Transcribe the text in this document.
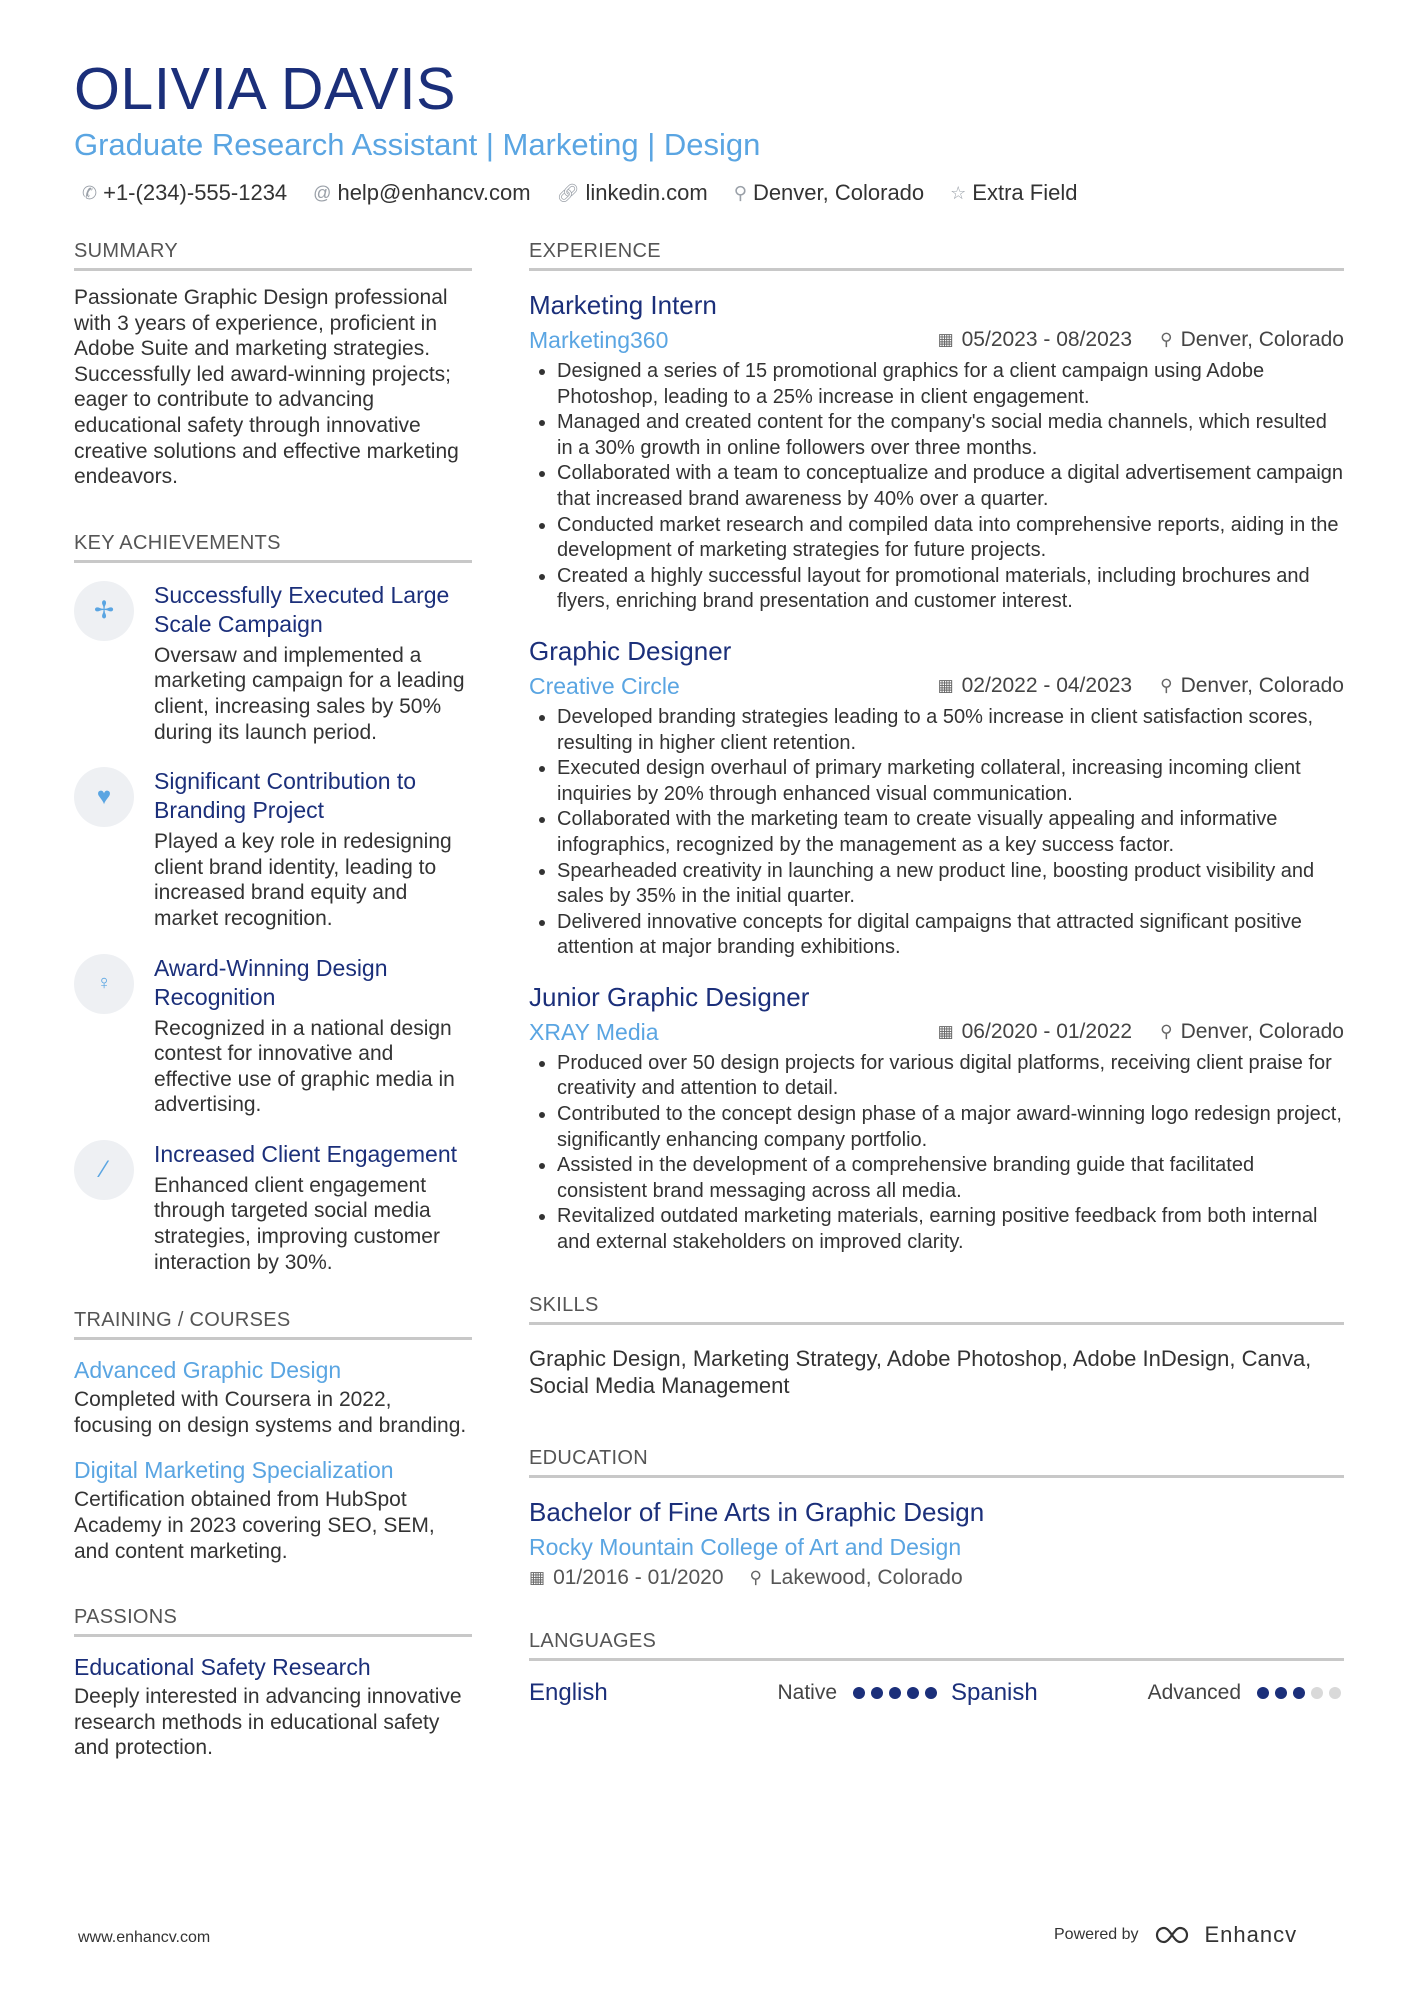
OLIVIA DAVIS
Graduate Research Assistant | Marketing | Design
✆ +1-(234)-555-1234 @ help@enhancv.com 🔗︎ linkedin.com ⚲ Denver, Colorado ☆ Extra Field
SUMMARY
Passionate Graphic Design professional with 3 years of experience, proficient in Adobe Suite and marketing strategies. Successfully led award-winning projects; eager to contribute to advancing educational safety through innovative creative solutions and effective marketing endeavors.
KEY ACHIEVEMENTS
✢
Successfully Executed Large Scale Campaign
Oversaw and implemented a marketing campaign for a leading client, increasing sales by 50% during its launch period.
♥
Significant Contribution to Branding Project
Played a key role in redesigning client brand identity, leading to increased brand equity and market recognition.
♀
Award-Winning Design Recognition
Recognized in a national design contest for innovative and effective use of graphic media in advertising.
⁄
Increased Client Engagement
Enhanced client engagement through targeted social media strategies, improving customer interaction by 30%.
TRAINING / COURSES
Advanced Graphic Design
Completed with Coursera in 2022, focusing on design systems and branding.
Digital Marketing Specialization
Certification obtained from HubSpot Academy in 2023 covering SEO, SEM, and content marketing.
PASSIONS
Educational Safety Research
Deeply interested in advancing innovative research methods in educational safety and protection.
EXPERIENCE
Marketing Intern
Marketing360	▦ 05/2023 - 08/2023 ⚲ Denver, Colorado
• Designed a series of 15 promotional graphics for a client campaign using Adobe Photoshop, leading to a 25% increase in client engagement.
• Managed and created content for the company's social media channels, which resulted in a 30% growth in online followers over three months.
• Collaborated with a team to conceptualize and produce a digital advertisement campaign that increased brand awareness by 40% over a quarter.
• Conducted market research and compiled data into comprehensive reports, aiding in the development of marketing strategies for future projects.
• Created a highly successful layout for promotional materials, including brochures and flyers, enriching brand presentation and customer interest.
Graphic Designer
Creative Circle	▦ 02/2022 - 04/2023 ⚲ Denver, Colorado
• Developed branding strategies leading to a 50% increase in client satisfaction scores, resulting in higher client retention.
• Executed design overhaul of primary marketing collateral, increasing incoming client inquiries by 20% through enhanced visual communication.
• Collaborated with the marketing team to create visually appealing and informative infographics, recognized by the management as a key success factor.
• Spearheaded creativity in launching a new product line, boosting product visibility and sales by 35% in the initial quarter.
• Delivered innovative concepts for digital campaigns that attracted significant positive attention at major branding exhibitions.
Junior Graphic Designer
XRAY Media	▦ 06/2020 - 01/2022 ⚲ Denver, Colorado
• Produced over 50 design projects for various digital platforms, receiving client praise for creativity and attention to detail.
• Contributed to the concept design phase of a major award-winning logo redesign project, significantly enhancing company portfolio.
• Assisted in the development of a comprehensive branding guide that facilitated consistent brand messaging across all media.
• Revitalized outdated marketing materials, earning positive feedback from both internal and external stakeholders on improved clarity.
SKILLS
Graphic Design, Marketing Strategy, Adobe Photoshop, Adobe InDesign, Canva, Social Media Management
EDUCATION
Bachelor of Fine Arts in Graphic Design
Rocky Mountain College of Art and Design
▦ 01/2016 - 01/2020 ⚲ Lakewood, Colorado
LANGUAGES
English	Native	Spanish	Advanced
www.enhancv.com	Powered by	Enhancv
